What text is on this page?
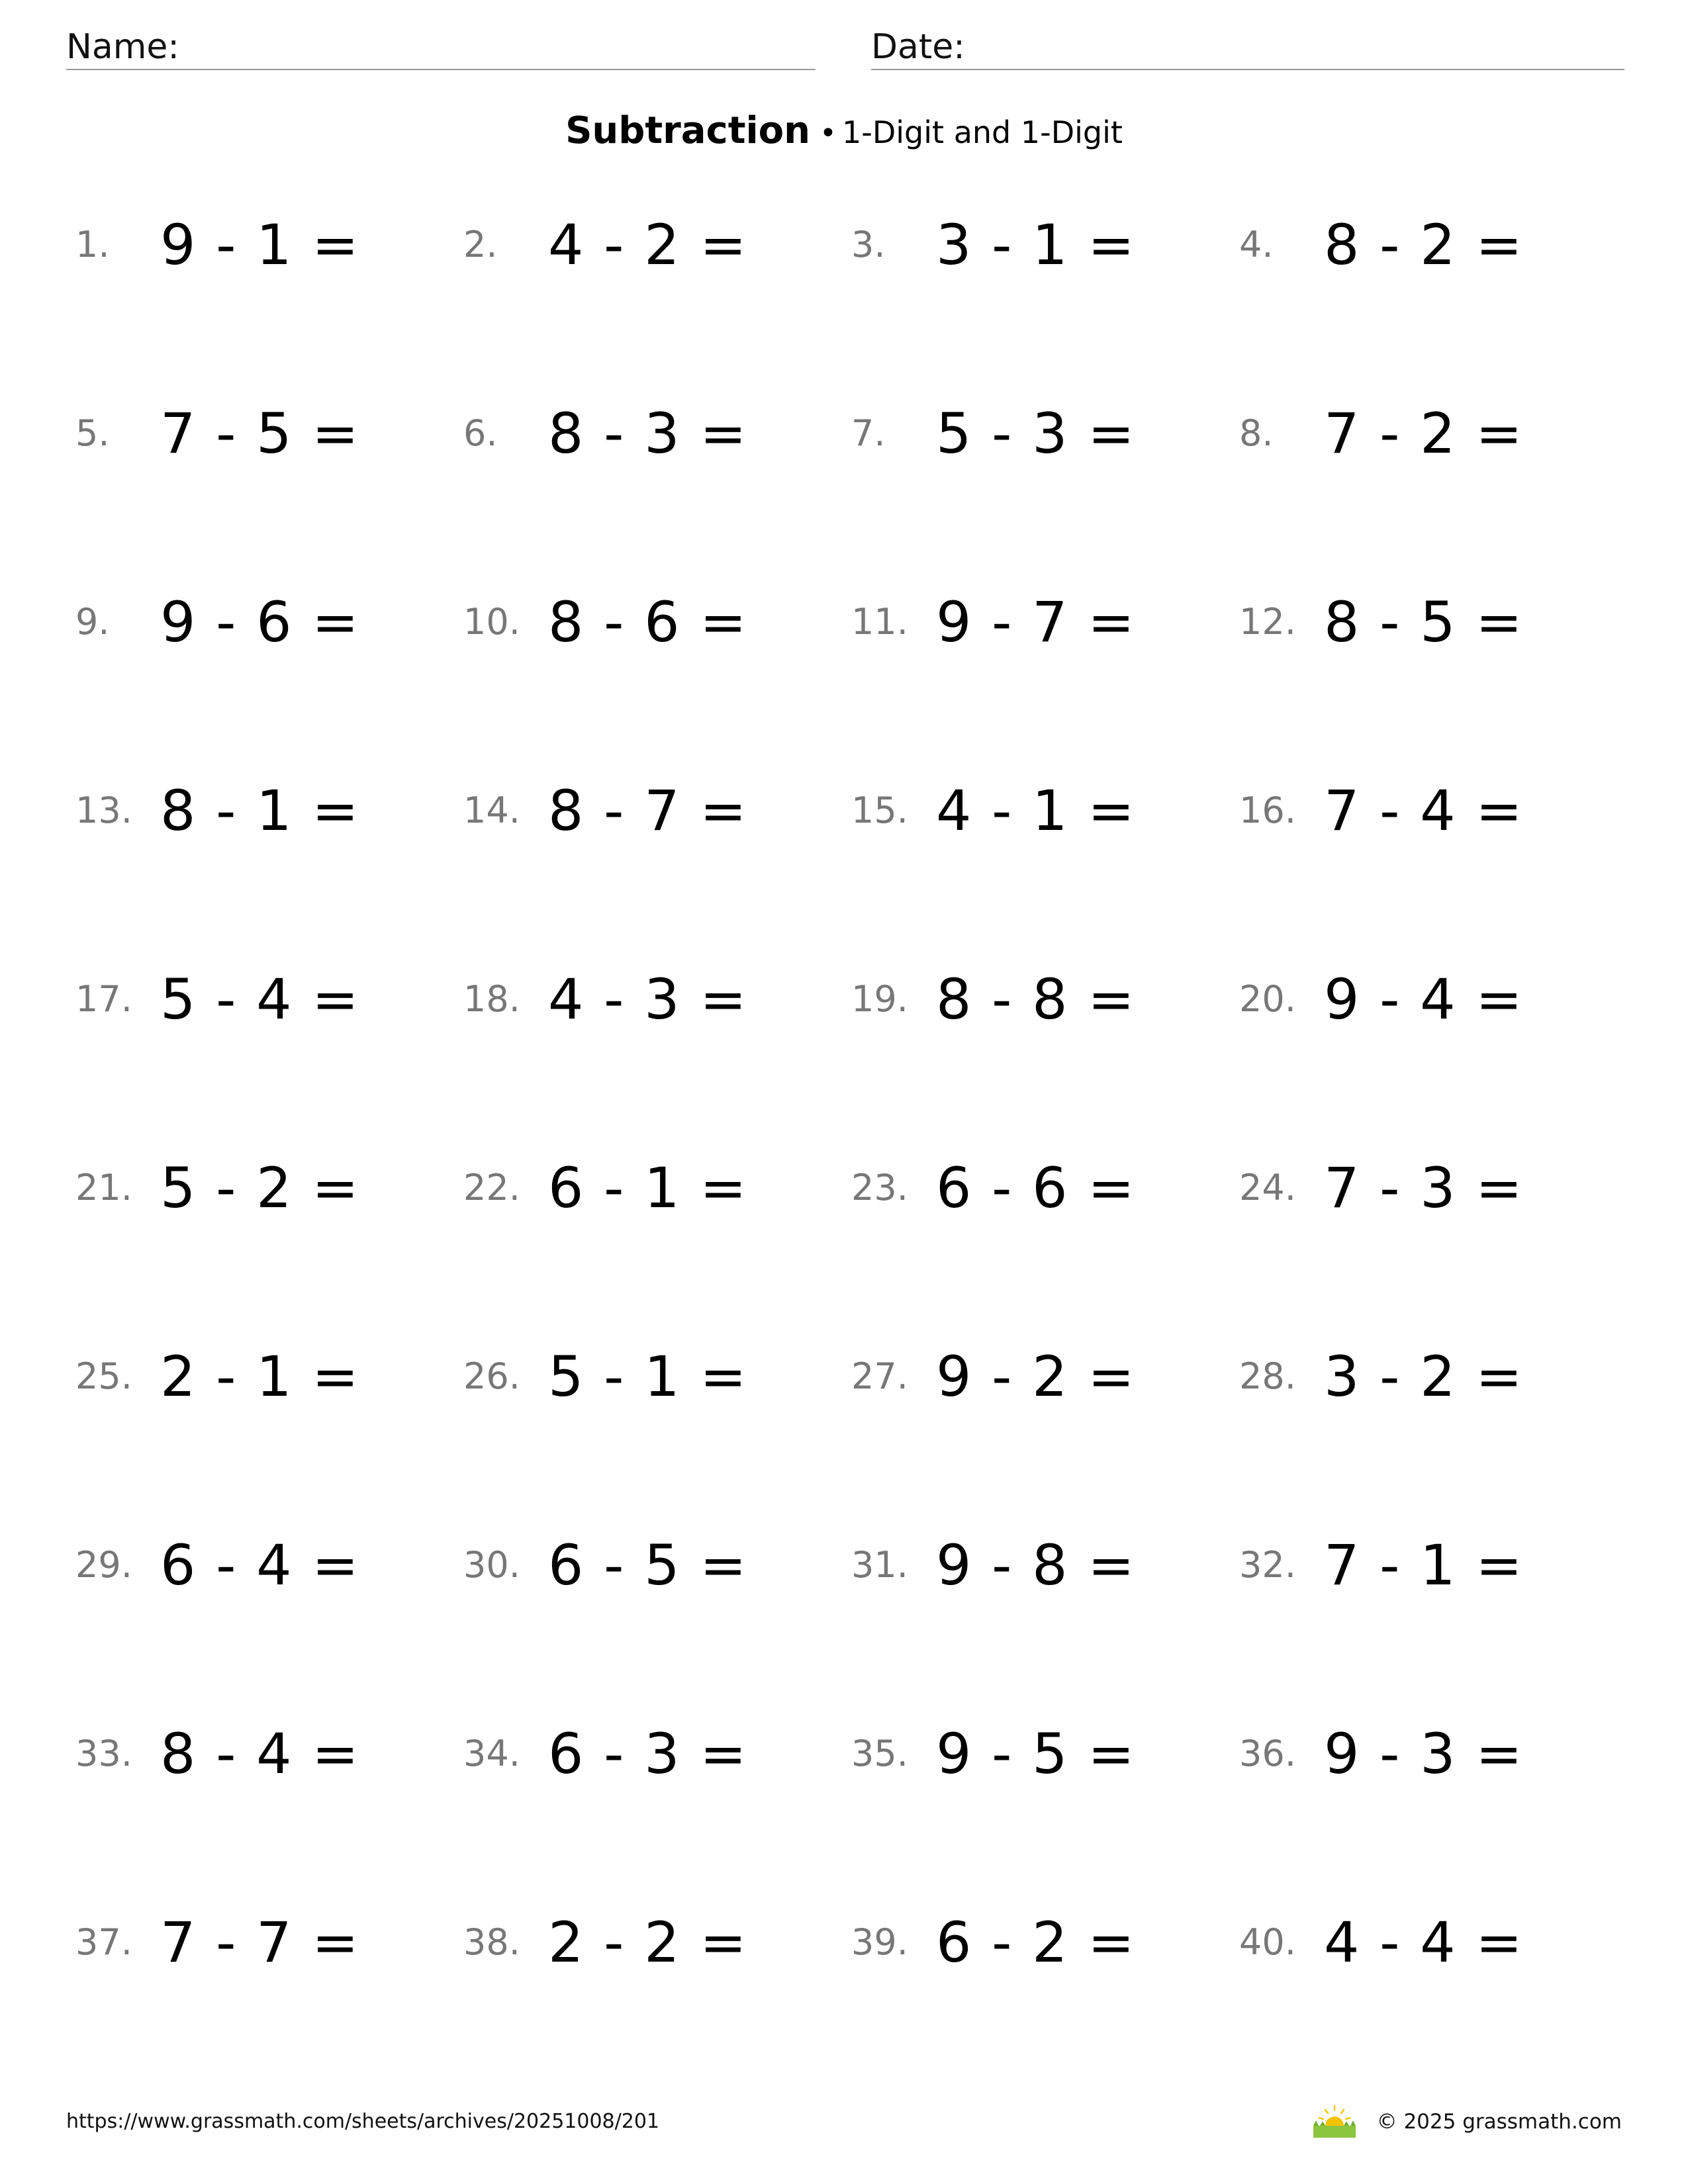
Name:	Date:
Subtraction • 1-Digit and 1-Digit
1. 9 - 1 =	2. 4 - 2 =	3. 3 - 1 =	4. 8 - 2 =
5. 7 - 5 =	6. 8 - 3 =	7. 5 - 3 =	8. 7 - 2 =
9. 9 - 6 =	10. 8 - 6 =	11. 9 - 7 =	12. 8 - 5 =
13. 8 - 1 =	14. 8 - 7 =	15. 4 - 1 =	16. 7 - 4 =
17. 5 - 4 =	18. 4 - 3 =	19. 8 - 8 =	20. 9 - 4 =
21. 5 - 2 =	22. 6 - 1 =	23. 6 - 6 =	24. 7 - 3 =
25. 2 - 1 =	26. 5 - 1 =	27. 9 - 2 =	28. 3 - 2 =
29. 6 - 4 =	30. 6 - 5 =	31. 9 - 8 =	32. 7 - 1 =
33. 8 - 4 =	34. 6 - 3 =	35. 9 - 5 =	36. 9 - 3 =
37. 7 - 7 =	38. 2 - 2 =	39. 6 - 2 =	40. 4 - 4 =
https://www.grassmath.com/sheets/archives/20251008/201	© 2025 grassmath.com
